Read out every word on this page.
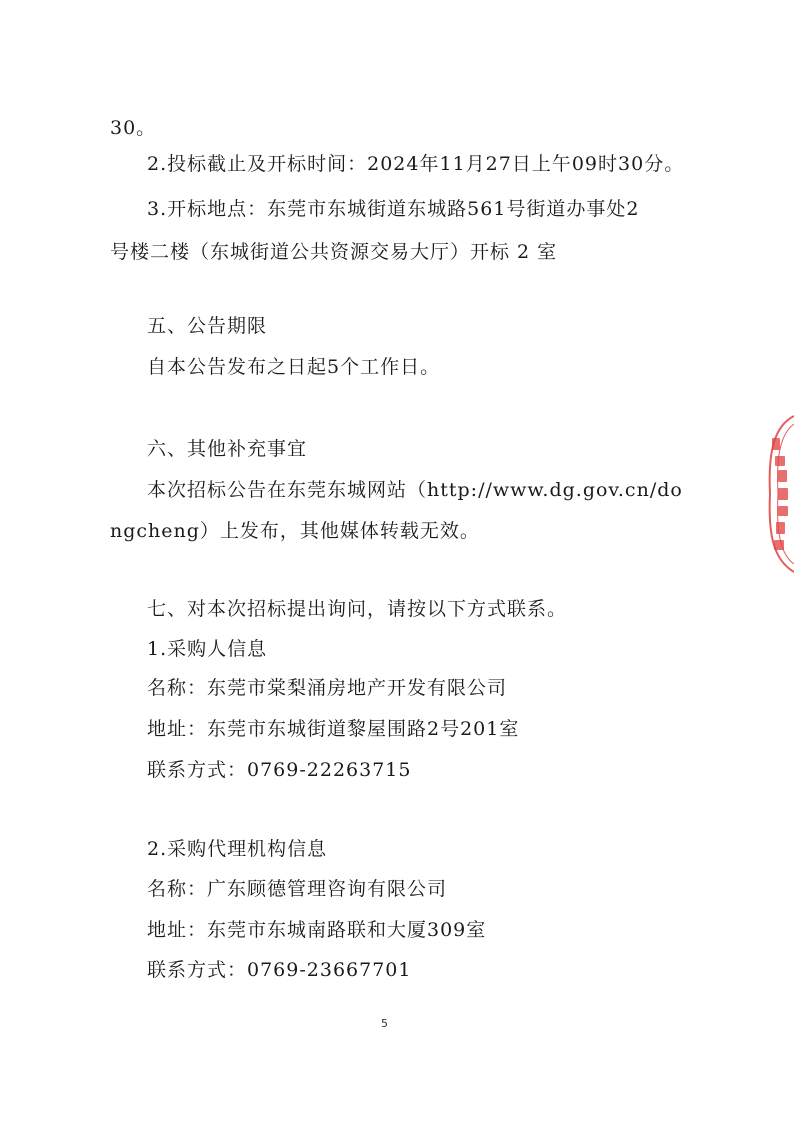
30。
2.投标截止及开标时间：2024年11月27日上午09时30分。
3.开标地点：东莞市东城街道东城路561号街道办事处2
号楼二楼（东城街道公共资源交易大厅）开标 2 室
五、公告期限
自本公告发布之日起5个工作日。
六、其他补充事宜
本次招标公告在东莞东城网站（http://www.dg.gov.cn/do
ngcheng）上发布，其他媒体转载无效。
七、对本次招标提出询问，请按以下方式联系。
1.采购人信息
名称：东莞市棠梨涌房地产开发有限公司
地址：东莞市东城街道黎屋围路2号201室
联系方式：0769-22263715
2.采购代理机构信息
名称：广东顾德管理咨询有限公司
地址：东莞市东城南路联和大厦309室
联系方式：0769-23667701
5
